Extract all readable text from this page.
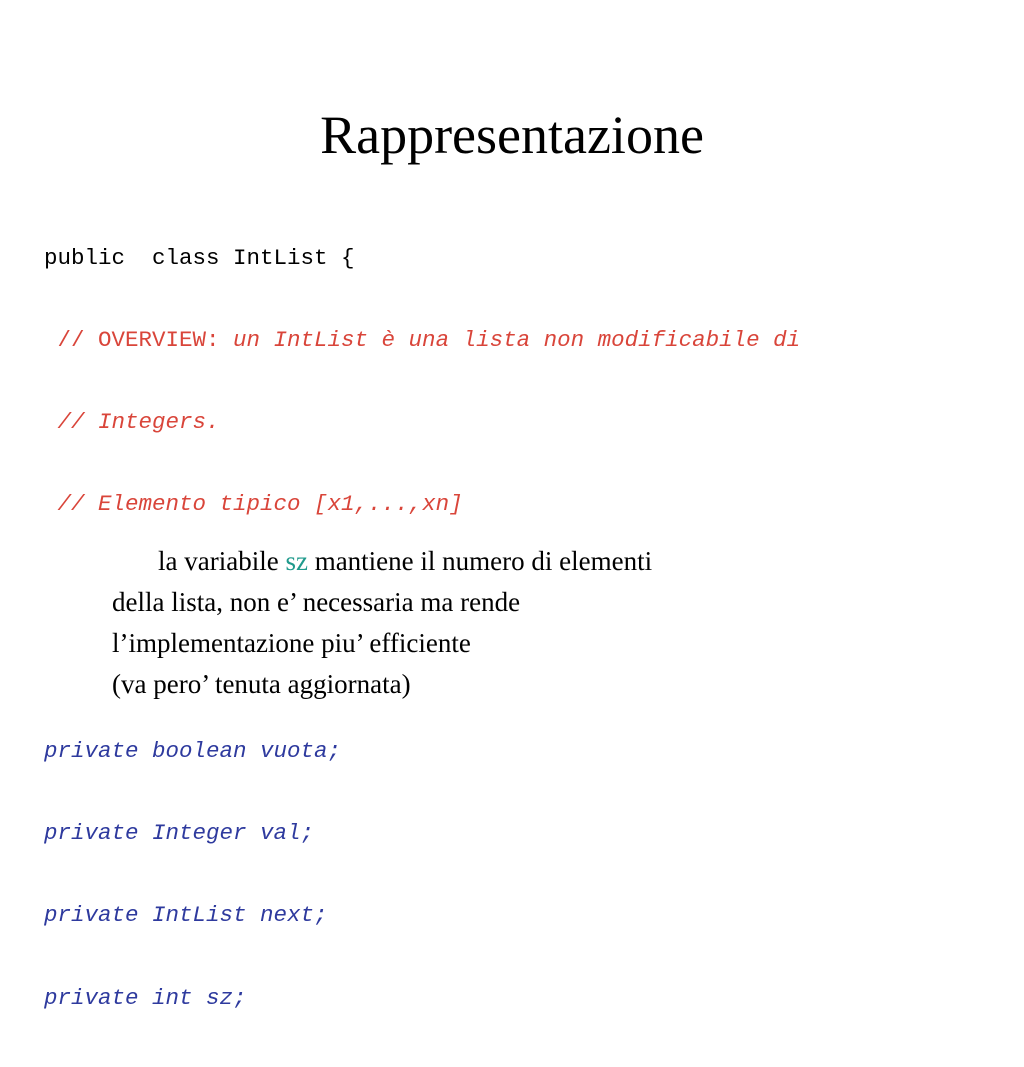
Rappresentazione

public  class IntList {

// OVERVIEW: un IntList è una lista non modificabile di

// Integers.

// Elemento tipico [x1,...,xn]

private boolean vuota;

private Integer val;

private IntList next;

private int sz;

la variabile sz mantiene il numero di elementi
della lista, non e’ necessaria ma rende
l’implementazione piu’ efficiente
(va pero’ tenuta aggiornata)
